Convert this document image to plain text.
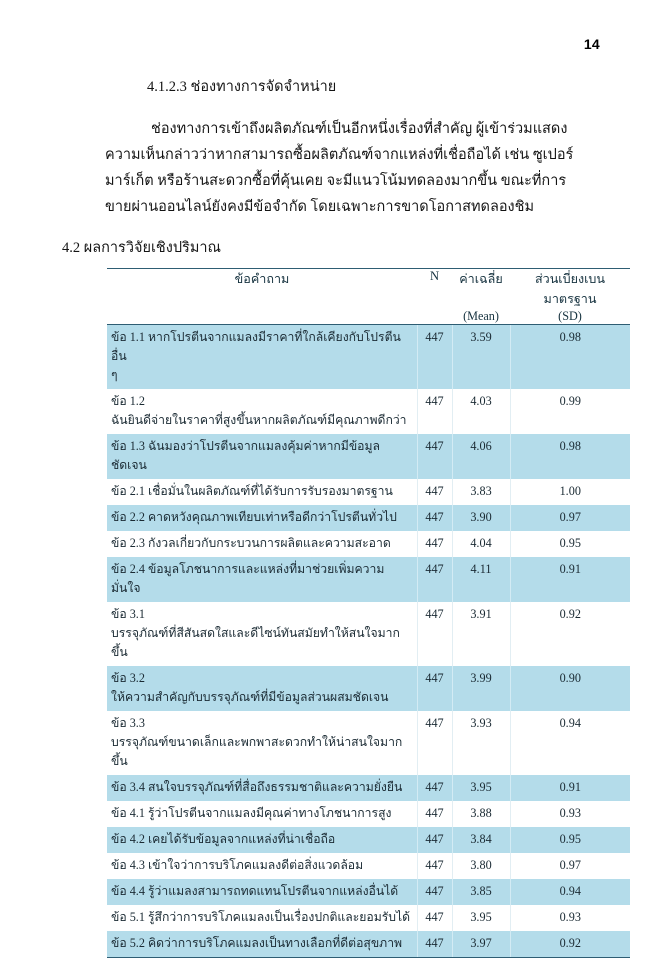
14

4.1.2.3 ช่องทางการจัดจำหน่าย

ช่องทางการเข้าถึงผลิตภัณฑ์เป็นอีกหนึ่งเรื่องที่สำคัญ ผู้เข้าร่วมแสดงความเห็นกล่าวว่าหากสามารถซื้อผลิตภัณฑ์จากแหล่งที่เชื่อถือได้ เช่น ซูเปอร์มาร์เก็ต หรือร้านสะดวกซื้อที่คุ้นเคย จะมีแนวโน้มทดลองมากขึ้น ขณะที่การขายผ่านออนไลน์ยังคงมีข้อจำกัด โดยเฉพาะการขาดโอกาสทดลองชิม

4.2 ผลการวิจัยเชิงปริมาณ

ข้อคำถาม	N	ค่าเฉลี่ย	ส่วนเบี่ยงเบนมาตรฐาน
		(Mean)	(SD)

ข้อ 1.1 หากโปรตีนจากแมลงมีราคาที่ใกล้เคียงกับโปรตีนอื่น
ๆ	447	3.59	0.98
ข้อ 1.2
ฉันยินดีจ่ายในราคาที่สูงขึ้นหากผลิตภัณฑ์มีคุณภาพดีกว่า	447	4.03	0.99
ข้อ 1.3 ฉันมองว่าโปรตีนจากแมลงคุ้มค่าหากมีข้อมูลชัดเจน	447	4.06	0.98
ข้อ 2.1 เชื่อมั่นในผลิตภัณฑ์ที่ได้รับการรับรองมาตรฐาน	447	3.83	1.00
ข้อ 2.2 คาดหวังคุณภาพเทียบเท่าหรือดีกว่าโปรตีนทั่วไป	447	3.90	0.97
ข้อ 2.3 กังวลเกี่ยวกับกระบวนการผลิตและความสะอาด	447	4.04	0.95
ข้อ 2.4 ข้อมูลโภชนาการและแหล่งที่มาช่วยเพิ่มความมั่นใจ	447	4.11	0.91
ข้อ 3.1
บรรจุภัณฑ์ที่สีสันสดใสและดีไซน์ทันสมัยทำให้สนใจมากขึ้น	447	3.91	0.92
ข้อ 3.2
ให้ความสำคัญกับบรรจุภัณฑ์ที่มีข้อมูลส่วนผสมชัดเจน	447	3.99	0.90
ข้อ 3.3
บรรจุภัณฑ์ขนาดเล็กและพกพาสะดวกทำให้น่าสนใจมากขึ้น	447	3.93	0.94
ข้อ 3.4 สนใจบรรจุภัณฑ์ที่สื่อถึงธรรมชาติและความยั่งยืน	447	3.95	0.91
ข้อ 4.1 รู้ว่าโปรตีนจากแมลงมีคุณค่าทางโภชนาการสูง	447	3.88	0.93
ข้อ 4.2 เคยได้รับข้อมูลจากแหล่งที่น่าเชื่อถือ	447	3.84	0.95
ข้อ 4.3 เข้าใจว่าการบริโภคแมลงดีต่อสิ่งแวดล้อม	447	3.80	0.97
ข้อ 4.4 รู้ว่าแมลงสามารถทดแทนโปรตีนจากแหล่งอื่นได้	447	3.85	0.94
ข้อ 5.1 รู้สึกว่าการบริโภคแมลงเป็นเรื่องปกติและยอมรับได้	447	3.95	0.93
ข้อ 5.2 คิดว่าการบริโภคแมลงเป็นทางเลือกที่ดีต่อสุขภาพ	447	3.97	0.92
